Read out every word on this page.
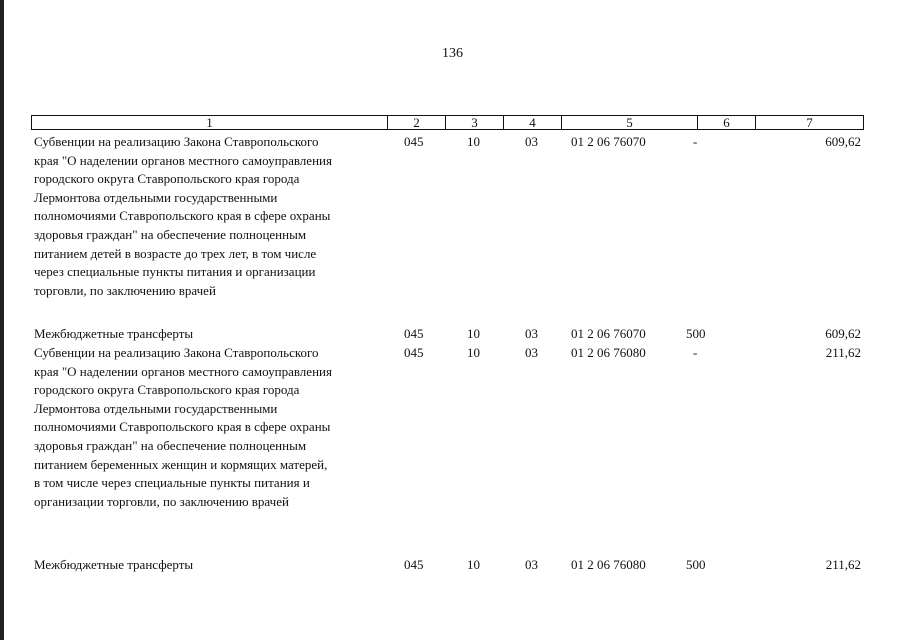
136
1	2	3	4	5	6	7
Субвенции на реализацию Закона Ставропольского
края "О наделении органов местного самоуправления
городского округа Ставропольского края города
Лермонтова отдельными государственными
полномочиями Ставропольского края в сфере охраны
здоровья граждан" на обеспечение полноценным
питанием детей в возрасте до трех лет, в том числе
через специальные пункты питания и организации
торговли, по заключению врачей
045	10	03	01 2 06 76070	-	609,62
Межбюджетные трансферты	045	10	03	01 2 06 76070	500	609,62
Субвенции на реализацию Закона Ставропольского
края "О наделении органов местного самоуправления
городского округа Ставропольского края города
Лермонтова отдельными государственными
полномочиями Ставропольского края в сфере охраны
здоровья граждан" на обеспечение полноценным
питанием беременных женщин и кормящих матерей,
в том числе через специальные пункты питания и
организации торговли, по заключению врачей
045	10	03	01 2 06 76080	-	211,62
Межбюджетные трансферты	045	10	03	01 2 06 76080	500	211,62
